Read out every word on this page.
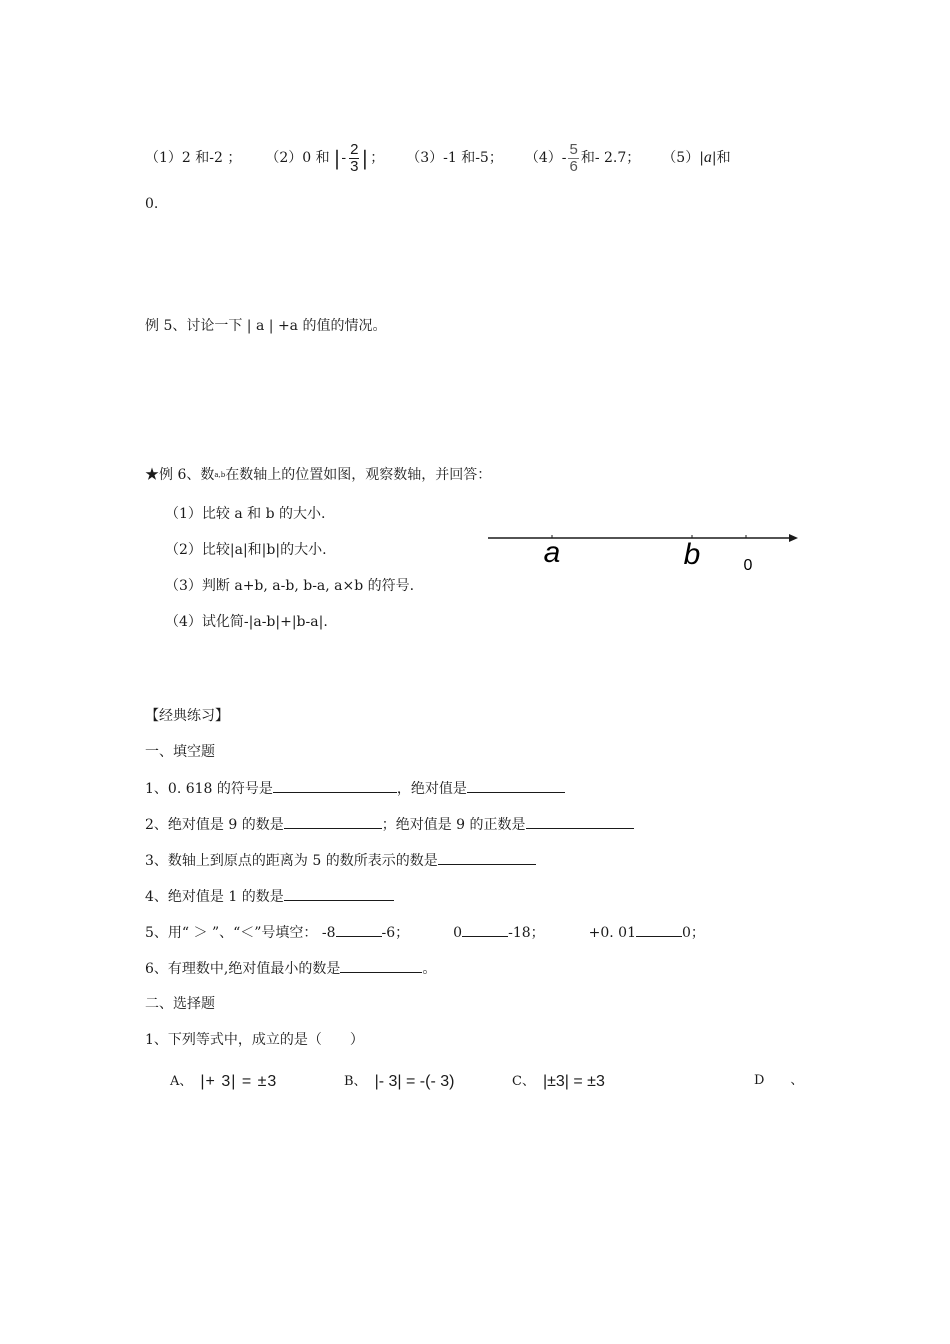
（1）2 和-2 ； （2）0 和 | - $\frac{2}{3}$ | ； （3）-1 和-5； $(4)- \frac{5}{6}$ 和- 2.7； （5）| a |和
0.
例 5、讨论一下 | a | +a 的值的情况。
★例 6、数$^{a,b}$在数轴上的位置如图，观察数轴，并回答：
（1）比较 a 和 b 的大小.
（2）比较|a|和|b|的大小.
（3）判断 a+b, a-b, b-a, a×b 的符号.
（4）试化简-|a-b|+|b-a|.
a	b	0
【经典练习】
一、填空题
1、0. 618 的符号是	，绝对值是
2、绝对值是 9 的数是	；绝对值是 9 的正数是
3、数轴上到原点的距离为 5 的数所表示的数是
4、绝对值是 1 的数是
5、用“ ＞ ”、“＜”号填空： -8	-6；	0	-18；	+0. 01	0；
6、有理数中,绝对值最小的数是	。
二、选择题
1、下列等式中，成立的是（　　）
A、 |+ 3| = ±3	B、 |- 3| = -(- 3)	C、 |±3| = ±3	D　　、
